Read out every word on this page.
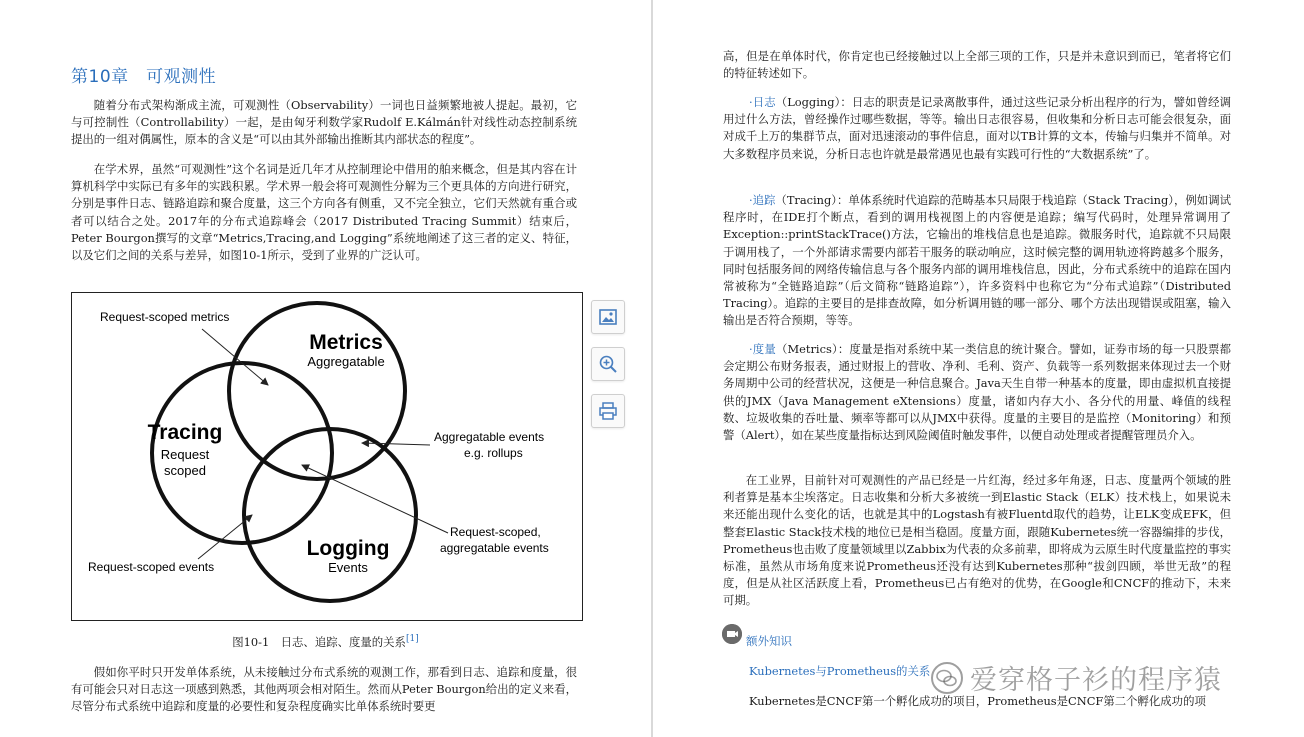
第10章　可观测性

随着分布式架构渐成主流，可观测性（Observability）一词也日益频繁地被人提起。最初，它与可控制性（Controllability）一起，是由匈牙利数学家Rudolf E.Kálmán针对线性动态控制系统提出的一组对偶属性，原本的含义是“可以由其外部输出推断其内部状态的程度”。

在学术界，虽然“可观测性”这个名词是近几年才从控制理论中借用的舶来概念，但是其内容在计算机科学中实际已有多年的实践积累。学术界一般会将可观测性分解为三个更具体的方向进行研究，分别是事件日志、链路追踪和聚合度量，这三个方向各有侧重，又不完全独立，它们天然就有重合或者可以结合之处。2017年的分布式追踪峰会（2017 Distributed Tracing Summit）结束后，Peter Bourgon撰写的文章“Metrics,Tracing,and Logging”系统地阐述了这三者的定义、特征，以及它们之间的关系与差异，如图10-1所示，受到了业界的广泛认可。

Metrics
Aggregatable
Tracing
Request
scoped
Logging
Events
Request-scoped metrics
Aggregatable events
e.g. rollups
Request-scoped,
aggregatable events
Request-scoped events
图10-1　日志、追踪、度量的关系[1]

假如你平时只开发单体系统，从未接触过分布式系统的观测工作，那看到日志、追踪和度量，很有可能会只对日志这一项感到熟悉，其他两项会相对陌生。然而从Peter Bourgon给出的定义来看，尽管分布式系统中追踪和度量的必要性和复杂程度确实比单体系统时要更

高，但是在单体时代，你肯定也已经接触过以上全部三项的工作，只是并未意识到而已，笔者将它们的特征转述如下。

·日志（Logging）：日志的职责是记录离散事件，通过这些记录分析出程序的行为，譬如曾经调用过什么方法，曾经操作过哪些数据，等等。输出日志很容易，但收集和分析日志可能会很复杂，面对成千上万的集群节点，面对迅速滚动的事件信息，面对以TB计算的文本，传输与归集并不简单。对大多数程序员来说，分析日志也许就是最常遇见也最有实践可行性的“大数据系统”了。

·追踪（Tracing）：单体系统时代追踪的范畴基本只局限于栈追踪（Stack Tracing），例如调试程序时，在IDE打个断点，看到的调用栈视图上的内容便是追踪；编写代码时，处理异常调用了Exception::printStackTrace()方法，它输出的堆栈信息也是追踪。微服务时代，追踪就不只局限于调用栈了，一个外部请求需要内部若干服务的联动响应，这时候完整的调用轨迹将跨越多个服务，同时包括服务间的网络传输信息与各个服务内部的调用堆栈信息，因此，分布式系统中的追踪在国内常被称为“全链路追踪”（后文简称“链路追踪”），许多资料中也称它为“分布式追踪”（Distributed Tracing）。追踪的主要目的是排查故障，如分析调用链的哪一部分、哪个方法出现错误或阻塞，输入输出是否符合预期，等等。

·度量（Metrics）：度量是指对系统中某一类信息的统计聚合。譬如，证券市场的每一只股票都会定期公布财务报表，通过财报上的营收、净利、毛利、资产、负载等一系列数据来体现过去一个财务周期中公司的经营状况，这便是一种信息聚合。Java天生自带一种基本的度量，即由虚拟机直接提供的JMX（Java Management eXtensions）度量，诸如内存大小、各分代的用量、峰值的线程数、垃圾收集的吞吐量、频率等都可以从JMX中获得。度量的主要目的是监控（Monitoring）和预警（Alert），如在某些度量指标达到风险阈值时触发事件，以便自动处理或者提醒管理员介入。

在工业界，目前针对可观测性的产品已经是一片红海，经过多年角逐，日志、度量两个领域的胜利者算是基本尘埃落定。日志收集和分析大多被统一到Elastic Stack（ELK）技术栈上，如果说未来还能出现什么变化的话，也就是其中的Logstash有被Fluentd取代的趋势，让ELK变成EFK，但整套Elastic Stack技术栈的地位已是相当稳固。度量方面，跟随Kubernetes统一容器编排的步伐，Prometheus也击败了度量领域里以Zabbix为代表的众多前辈，即将成为云原生时代度量监控的事实标准，虽然从市场角度来说Prometheus还没有达到Kubernetes那种“拔剑四顾，举世无敌”的程度，但是从社区活跃度上看，Prometheus已占有绝对的优势，在Google和CNCF的推动下，未来可期。

额外知识
Kubernetes与Prometheus的关系

Kubernetes是CNCF第一个孵化成功的项目，Prometheus是CNCF第二个孵化成功的项

爱穿格子衫的程序猿
